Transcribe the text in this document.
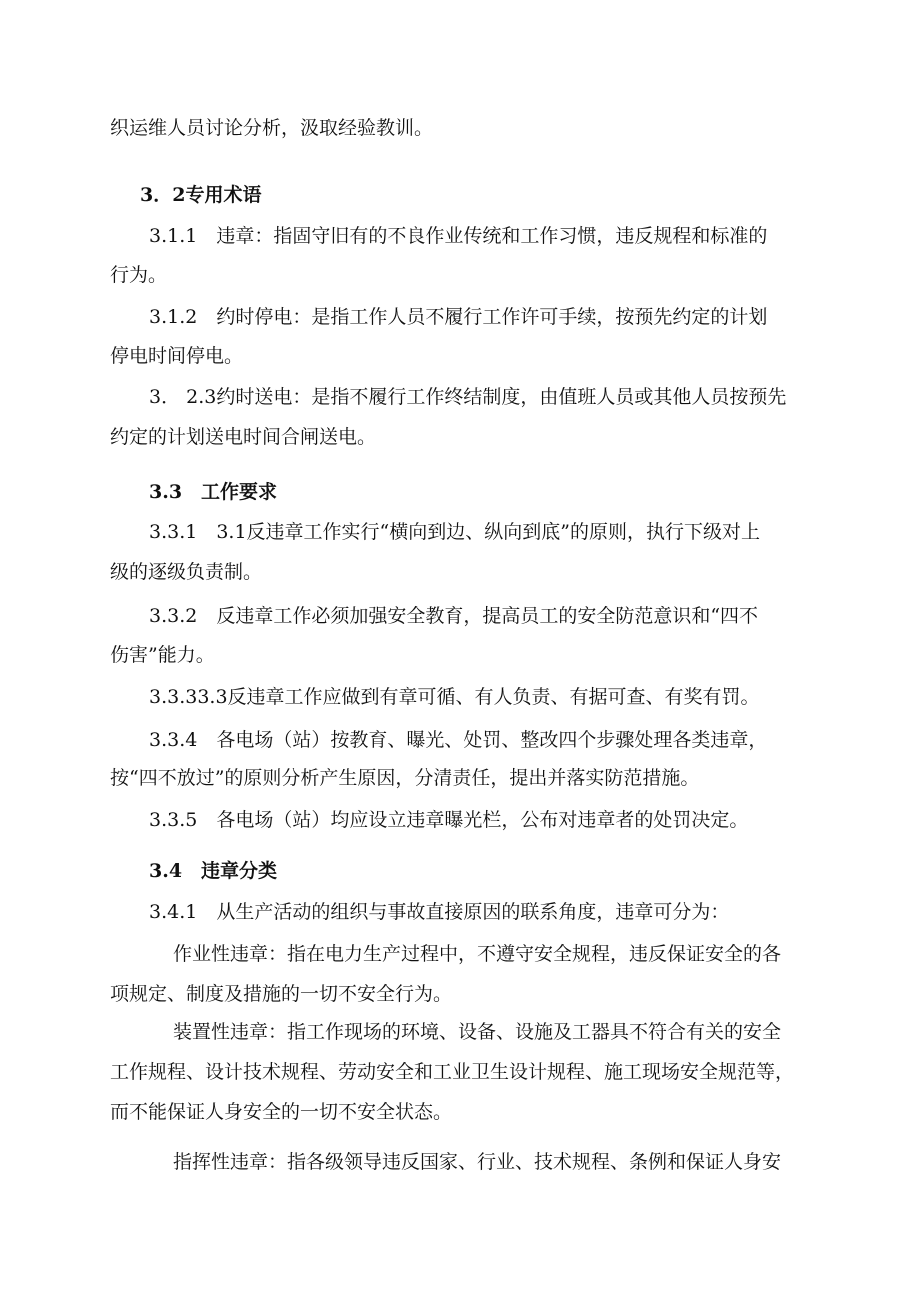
织运维人员讨论分析，汲取经验教训。
3．2专用术语
3.1.1　违章：指固守旧有的不良作业传统和工作习惯，违反规程和标准的
行为。
3.1.2　约时停电：是指工作人员不履行工作许可手续，按预先约定的计划
停电时间停电。
3． 2.3约时送电：是指不履行工作终结制度，由值班人员或其他人员按预先
约定的计划送电时间合闸送电。
3.3　工作要求
3.3.1　3.1反违章工作实行“横向到边、纵向到底”的原则，执行下级对上
级的逐级负责制。
3.3.2　反违章工作必须加强安全教育，提高员工的安全防范意识和“四不
伤害”能力。
3.3.33.3反违章工作应做到有章可循、有人负责、有据可查、有奖有罚。
3.3.4　各电场（站）按教育、曝光、处罚、整改四个步骤处理各类违章，
按“四不放过”的原则分析产生原因，分清责任，提出并落实防范措施。
3.3.5　各电场（站）均应设立违章曝光栏，公布对违章者的处罚决定。
3.4　违章分类
3.4.1　从生产活动的组织与事故直接原因的联系角度，违章可分为：
作业性违章：指在电力生产过程中，不遵守安全规程，违反保证安全的各
项规定、制度及措施的一切不安全行为。
装置性违章：指工作现场的环境、设备、设施及工器具不符合有关的安全
工作规程、设计技术规程、劳动安全和工业卫生设计规程、施工现场安全规范等，
而不能保证人身安全的一切不安全状态。
指挥性违章：指各级领导违反国家、行业、技术规程、条例和保证人身安
